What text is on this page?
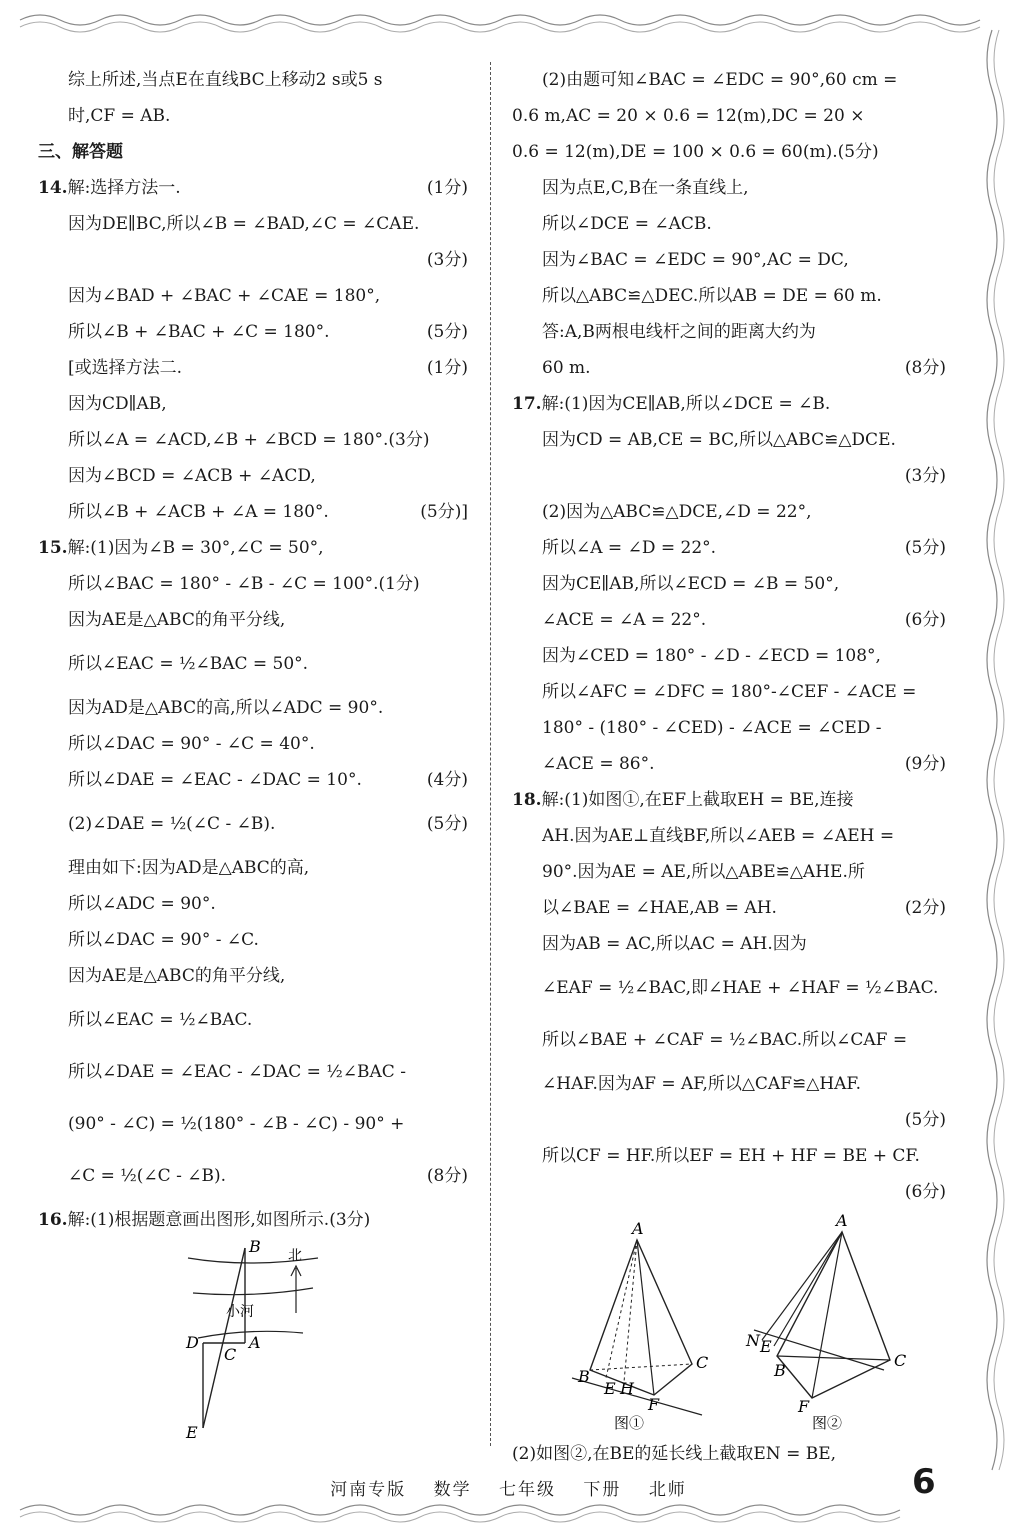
综上所述,当点E在直线BC上移动2 s或5 s
时,CF = AB.
三、解答题
14.解:选择方法一.	(1分)
因为DE∥BC,所以∠B = ∠BAD,∠C = ∠CAE.
(3分)
因为∠BAD + ∠BAC + ∠CAE = 180°,
所以∠B + ∠BAC + ∠C = 180°.	(5分)
[或选择方法二.	(1分)
因为CD∥AB,
所以∠A = ∠ACD,∠B + ∠BCD = 180°.(3分)
因为∠BCD = ∠ACB + ∠ACD,
所以∠B + ∠ACB + ∠A = 180°.	(5分)]
15.解:(1)因为∠B = 30°,∠C = 50°,
所以∠BAC = 180° - ∠B - ∠C = 100°.(1分)
因为AE是△ABC的角平分线,
所以∠EAC = ½∠BAC = 50°.
因为AD是△ABC的高,所以∠ADC = 90°.
所以∠DAC = 90° - ∠C = 40°.
所以∠DAE = ∠EAC - ∠DAC = 10°.	(4分)
(2)∠DAE = ½(∠C - ∠B).	(5分)
理由如下:因为AD是△ABC的高,
所以∠ADC = 90°.
所以∠DAC = 90° - ∠C.
因为AE是△ABC的角平分线,
所以∠EAC = ½∠BAC.
所以∠DAE = ∠EAC - ∠DAC = ½∠BAC -
(90° - ∠C) = ½(180° - ∠B - ∠C) - 90° +
∠C = ½(∠C - ∠B).	(8分)
16.解:(1)根据题意画出图形,如图所示.(3分)
B
A
C
D
E
小河
北
(2)由题可知∠BAC = ∠EDC = 90°,60 cm =
0.6 m,AC = 20 × 0.6 = 12(m),DC = 20 ×
0.6 = 12(m),DE = 100 × 0.6 = 60(m).(5分)
因为点E,C,B在一条直线上,
所以∠DCE = ∠ACB.
因为∠BAC = ∠EDC = 90°,AC = DC,
所以△ABC≌△DEC.所以AB = DE = 60 m.
答:A,B两根电线杆之间的距离大约为
60 m.	(8分)
17.解:(1)因为CE∥AB,所以∠DCE = ∠B.
因为CD = AB,CE = BC,所以△ABC≌△DCE.
(3分)
(2)因为△ABC≌△DCE,∠D = 22°,
所以∠A = ∠D = 22°.	(5分)
因为CE∥AB,所以∠ECD = ∠B = 50°,
∠ACE = ∠A = 22°.	(6分)
因为∠CED = 180° - ∠D - ∠ECD = 108°,
所以∠AFC = ∠DFC = 180°-∠CEF - ∠ACE =
180° - (180° - ∠CED) - ∠ACE = ∠CED -
∠ACE = 86°.	(9分)
18.解:(1)如图①,在EF上截取EH = BE,连接
AH.因为AE⊥直线BF,所以∠AEB = ∠AEH =
90°.因为AE = AE,所以△ABE≌△AHE.所
以∠BAE = ∠HAE,AB = AH.	(2分)
因为AB = AC,所以AC = AH.因为
∠EAF = ½∠BAC,即∠HAE + ∠HAF = ½∠BAC.
所以∠BAE + ∠CAF = ½∠BAC.所以∠CAF =
∠HAF.因为AF = AF,所以△CAF≌△HAF.
(5分)
所以CF = HF.所以EF = EH + HF = BE + CF.
(6分)
A
B
E H
F
C
图①
A
N E
B
F
C
图②
(2)如图②,在BE的延长线上截取EN = BE,
河南专版 数学 七年级 下册 北师	6
